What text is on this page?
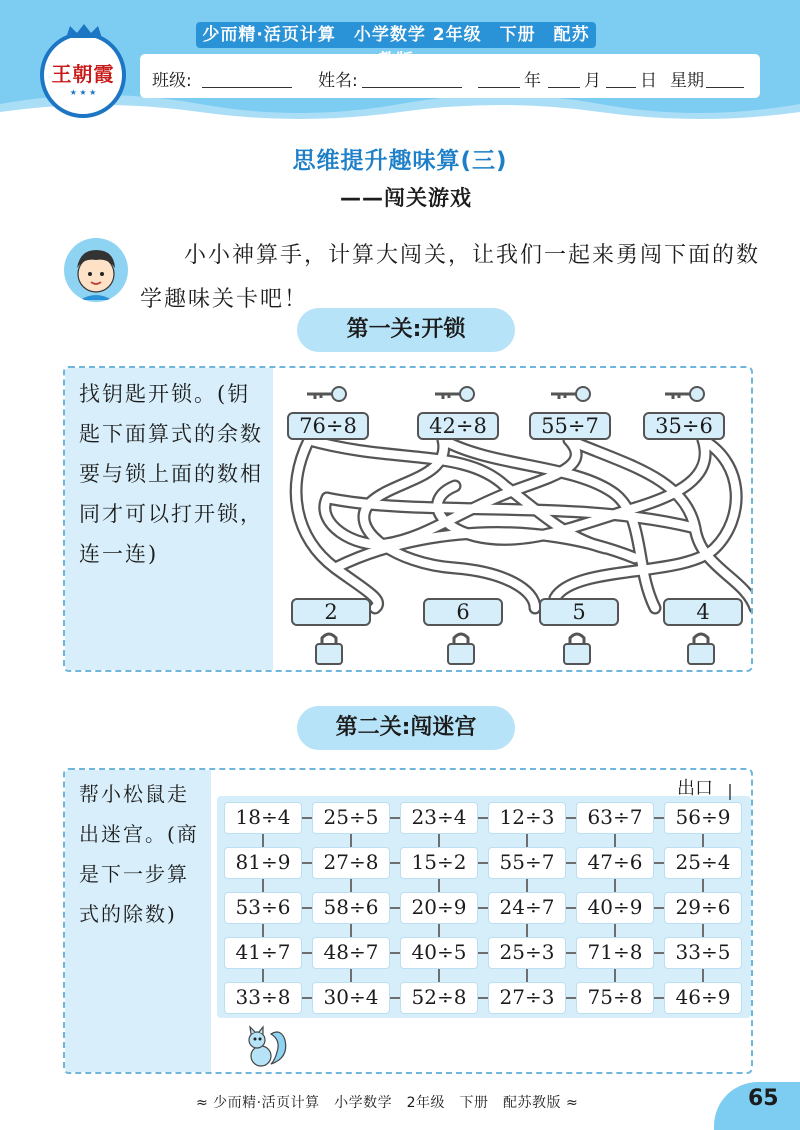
少而精·活页计算　小学数学 2年级　下册　配苏
班级:	姓名:	年	月 日 星期
王朝霞
★ ★ ★
思维提升趣味算(三)
——闯关游戏
小小神算手，计算大闯关，让我们一起来勇闯下面的数学趣味关卡吧！
第一关:开锁
找钥匙开锁。(钥匙下面算式的余数要与锁上面的数相同才可以打开锁，连一连)
76÷8	42÷8	55÷7	35÷6
2	6	5	4
第二关:闯迷宫
帮小松鼠走出迷宫。(商是下一步算式的除数)
出口
18÷4	25÷5	23÷4	12÷3	63÷7	56÷9
81÷9	27÷8	15÷2	55÷7	47÷6	25÷4
53÷6	58÷6	20÷9	24÷7	40÷9	29÷6
41÷7	48÷7	40÷5	25÷3	71÷8	33÷5
33÷8	30÷4	52÷8	27÷3	75÷8	46÷9
≈ 少而精·活页计算　小学数学　2年级　下册　配苏教版 ≈	65
